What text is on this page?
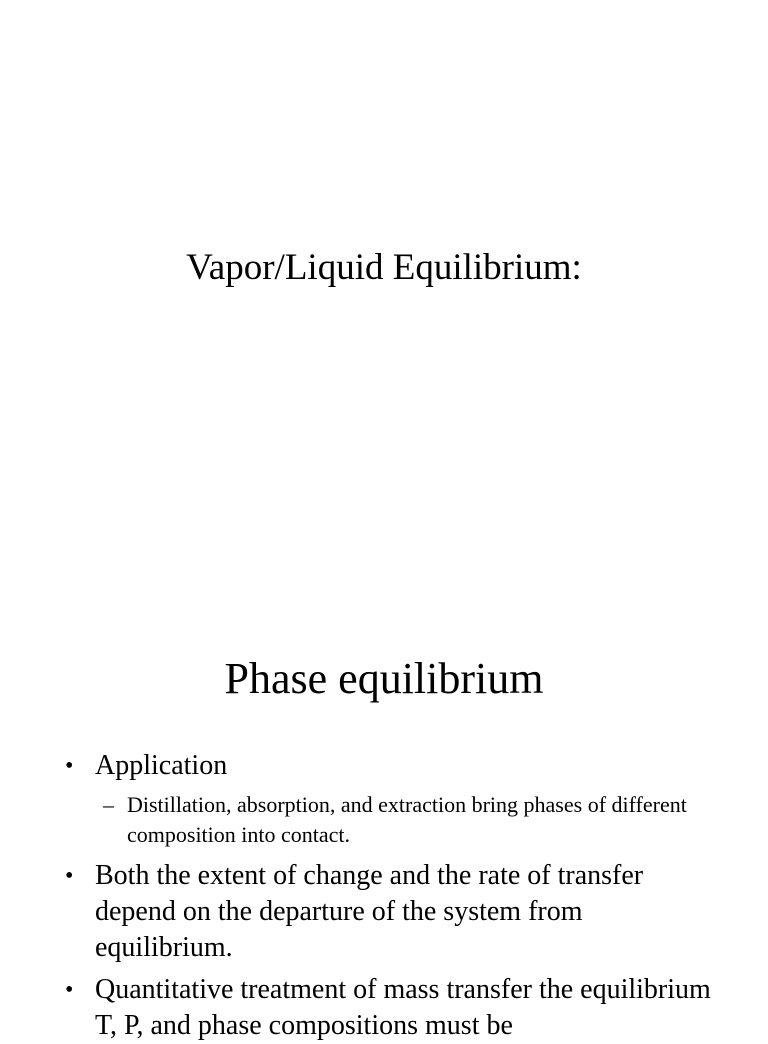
Vapor/Liquid Equilibrium:
Phase equilibrium
• Application
– Distillation, absorption, and extraction bring phases of different composition into contact.
• Both the extent of change and the rate of transfer depend on the departure of the system from equilibrium.
• Quantitative treatment of mass transfer the equilibrium T, P, and phase compositions must be
